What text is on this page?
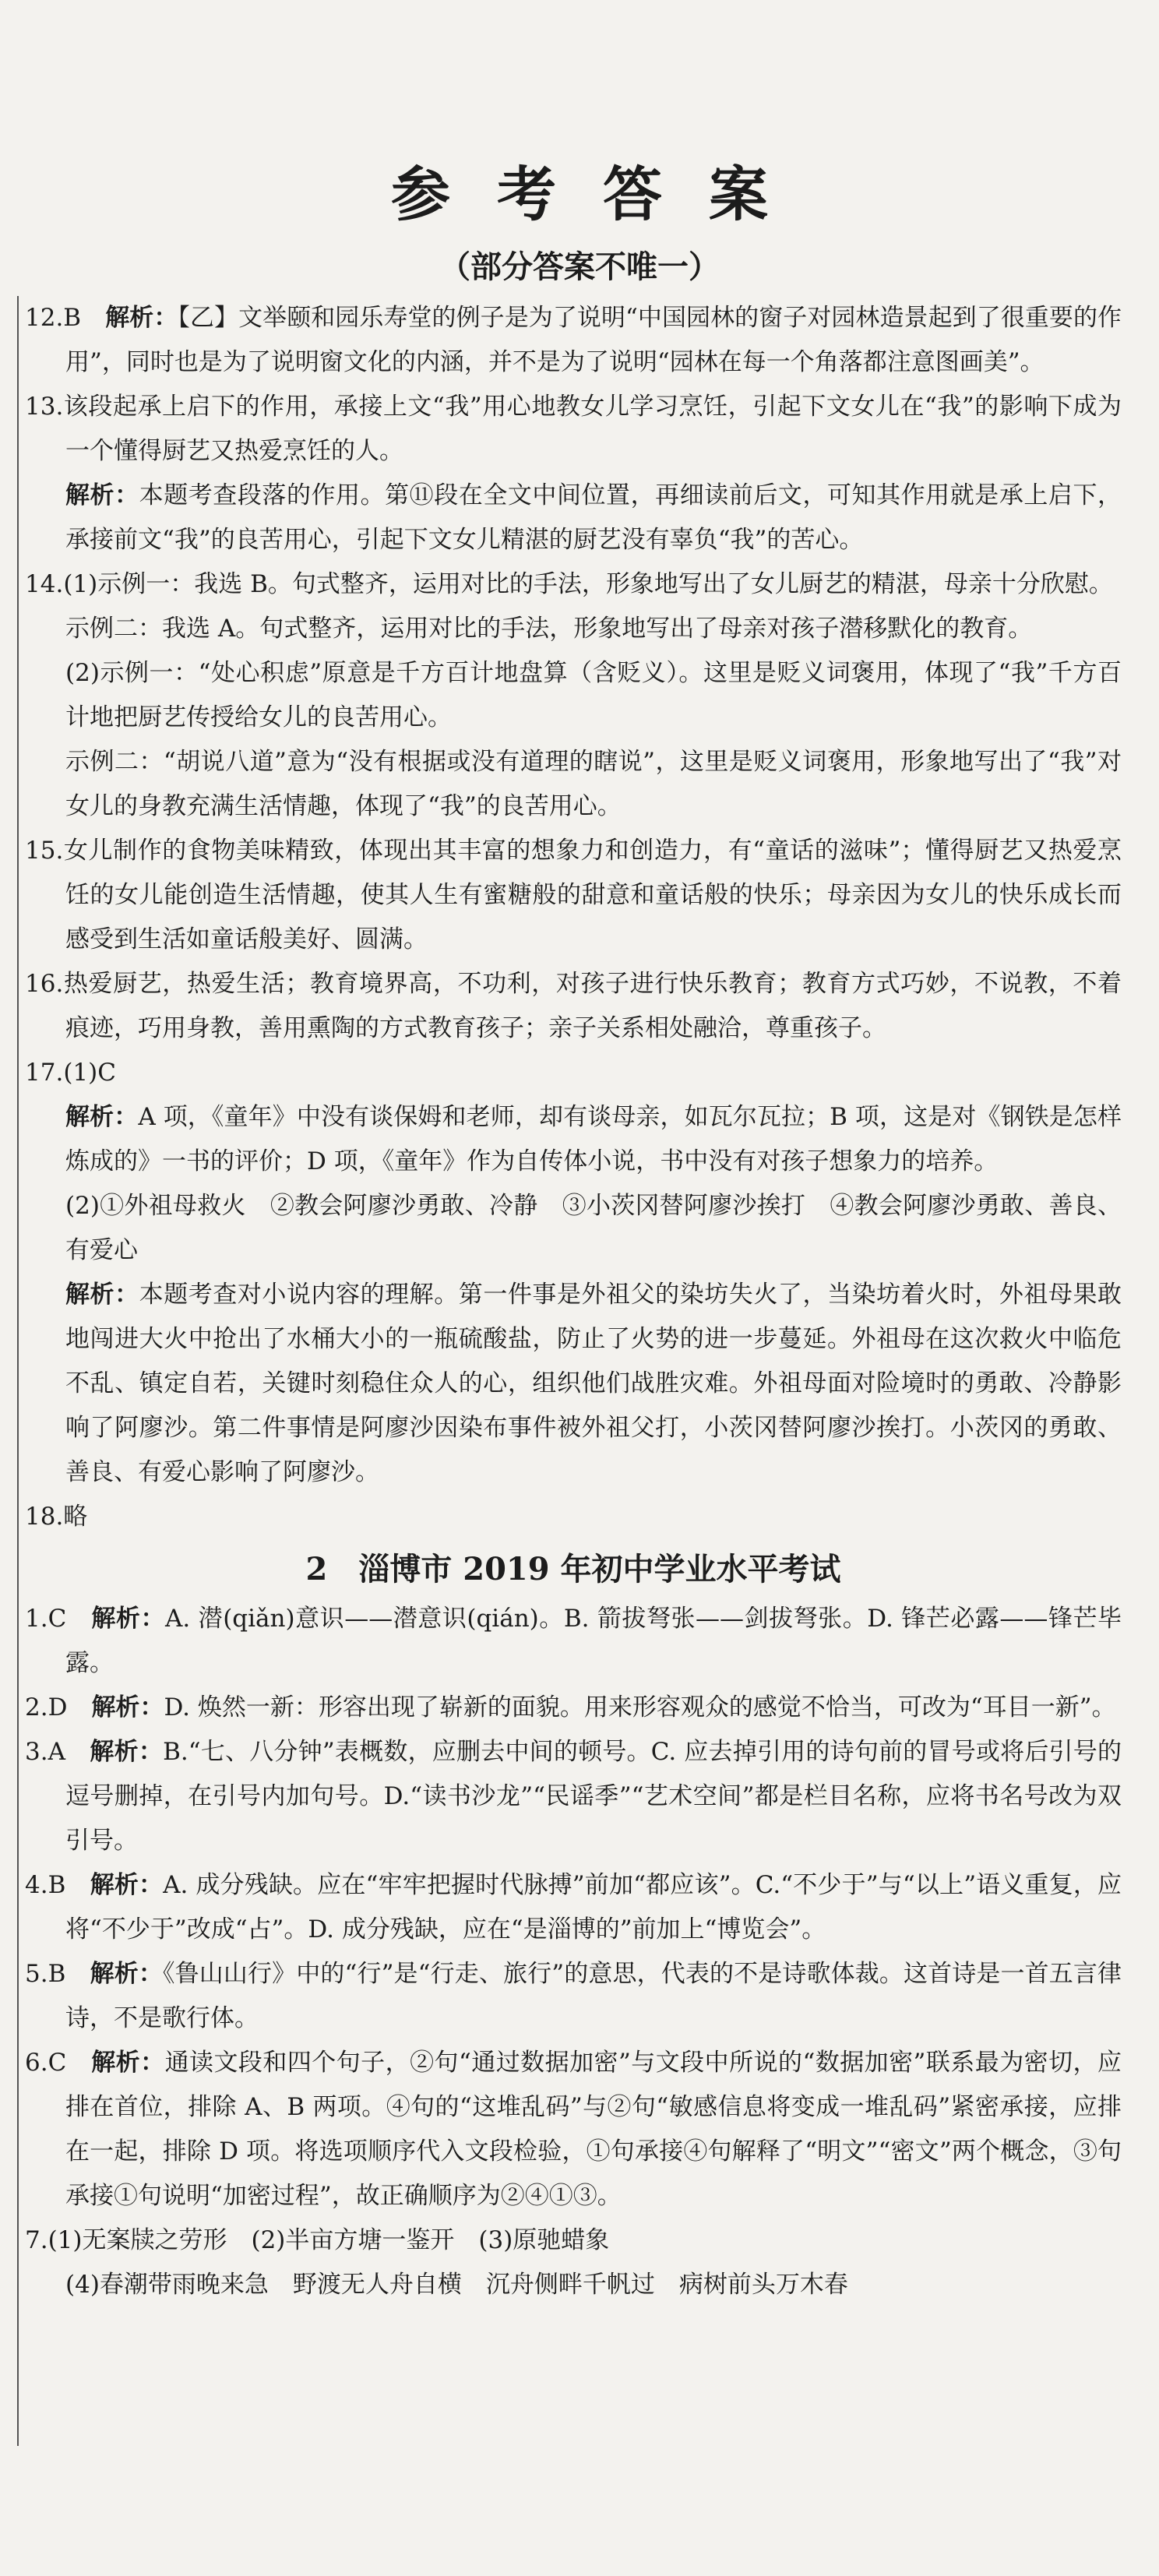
参考答案
（部分答案不唯一）

12.B　 解析：【乙】文举颐和园乐寿堂的例子是为了说明“中国园林的窗子对园林造景起到了很重要的作用”，同时也是为了说明窗文化的内涵，并不是为了说明“园林在每一个角落都注意图画美”。

13.该段起承上启下的作用，承接上文“我”用心地教女儿学习烹饪，引起下文女儿在“我”的影响下成为一个懂得厨艺又热爱烹饪的人。

解析：本题考查段落的作用。第⑪段在全文中间位置，再细读前后文，可知其作用就是承上启下，承接前文“我”的良苦用心，引起下文女儿精湛的厨艺没有辜负“我”的苦心。

14.(1)示例一：我选 B。句式整齐，运用对比的手法，形象地写出了女儿厨艺的精湛，母亲十分欣慰。

示例二：我选 A。句式整齐，运用对比的手法，形象地写出了母亲对孩子潜移默化的教育。

(2)示例一：“处心积虑”原意是千方百计地盘算（含贬义）。这里是贬义词褒用，体现了“我”千方百计地把厨艺传授给女儿的良苦用心。

示例二：“胡说八道”意为“没有根据或没有道理的瞎说”，这里是贬义词褒用，形象地写出了“我”对女儿的身教充满生活情趣，体现了“我”的良苦用心。

15.女儿制作的食物美味精致，体现出其丰富的想象力和创造力，有“童话的滋味”；懂得厨艺又热爱烹饪的女儿能创造生活情趣，使其人生有蜜糖般的甜意和童话般的快乐；母亲因为女儿的快乐成长而感受到生活如童话般美好、圆满。

16.热爱厨艺，热爱生活；教育境界高，不功利，对孩子进行快乐教育；教育方式巧妙，不说教，不着痕迹，巧用身教，善用熏陶的方式教育孩子；亲子关系相处融洽，尊重孩子。

17.(1)C

解析：A 项，《童年》中没有谈保姆和老师，却有谈母亲，如瓦尔瓦拉；B 项，这是对《钢铁是怎样炼成的》一书的评价；D 项，《童年》作为自传体小说，书中没有对孩子想象力的培养。

(2)①外祖母救火　②教会阿廖沙勇敢、冷静　③小茨冈替阿廖沙挨打　④教会阿廖沙勇敢、善良、有爱心

解析：本题考查对小说内容的理解。第一件事是外祖父的染坊失火了，当染坊着火时，外祖母果敢地闯进大火中抢出了水桶大小的一瓶硫酸盐，防止了火势的进一步蔓延。外祖母在这次救火中临危不乱、镇定自若，关键时刻稳住众人的心，组织他们战胜灾难。外祖母面对险境时的勇敢、冷静影响了阿廖沙。第二件事情是阿廖沙因染布事件被外祖父打，小茨冈替阿廖沙挨打。小茨冈的勇敢、善良、有爱心影响了阿廖沙。

18.略

2　淄博市 2019 年初中学业水平考试

1.C　 解析：A. 潜(qiǎn)意识——潜意识(qián)。B. 箭拔弩张——剑拔弩张。D. 锋芒必露——锋芒毕露。

2.D　 解析：D. 焕然一新：形容出现了崭新的面貌。用来形容观众的感觉不恰当，可改为“耳目一新”。

3.A　 解析：B.“七、八分钟”表概数，应删去中间的顿号。C. 应去掉引用的诗句前的冒号或将后引号的逗号删掉，在引号内加句号。D.“读书沙龙”“民谣季”“艺术空间”都是栏目名称，应将书名号改为双引号。

4.B　 解析：A. 成分残缺。应在“牢牢把握时代脉搏”前加“都应该”。C.“不少于”与“以上”语义重复，应将“不少于”改成“占”。D. 成分残缺，应在“是淄博的”前加上“博览会”。

5.B　 解析：《鲁山山行》中的“行”是“行走、旅行”的意思，代表的不是诗歌体裁。这首诗是一首五言律诗，不是歌行体。

6.C　 解析：通读文段和四个句子，②句“通过数据加密”与文段中所说的“数据加密”联系最为密切，应排在首位，排除 A、B 两项。④句的“这堆乱码”与②句“敏感信息将变成一堆乱码”紧密承接，应排在一起，排除 D 项。将选项顺序代入文段检验，①句承接④句解释了“明文”“密文”两个概念，③句承接①句说明“加密过程”，故正确顺序为②④①③。

7.(1)无案牍之劳形　(2)半亩方塘一鉴开　(3)原驰蜡象

(4)春潮带雨晚来急　野渡无人舟自横　沉舟侧畔千帆过　病树前头万木春
